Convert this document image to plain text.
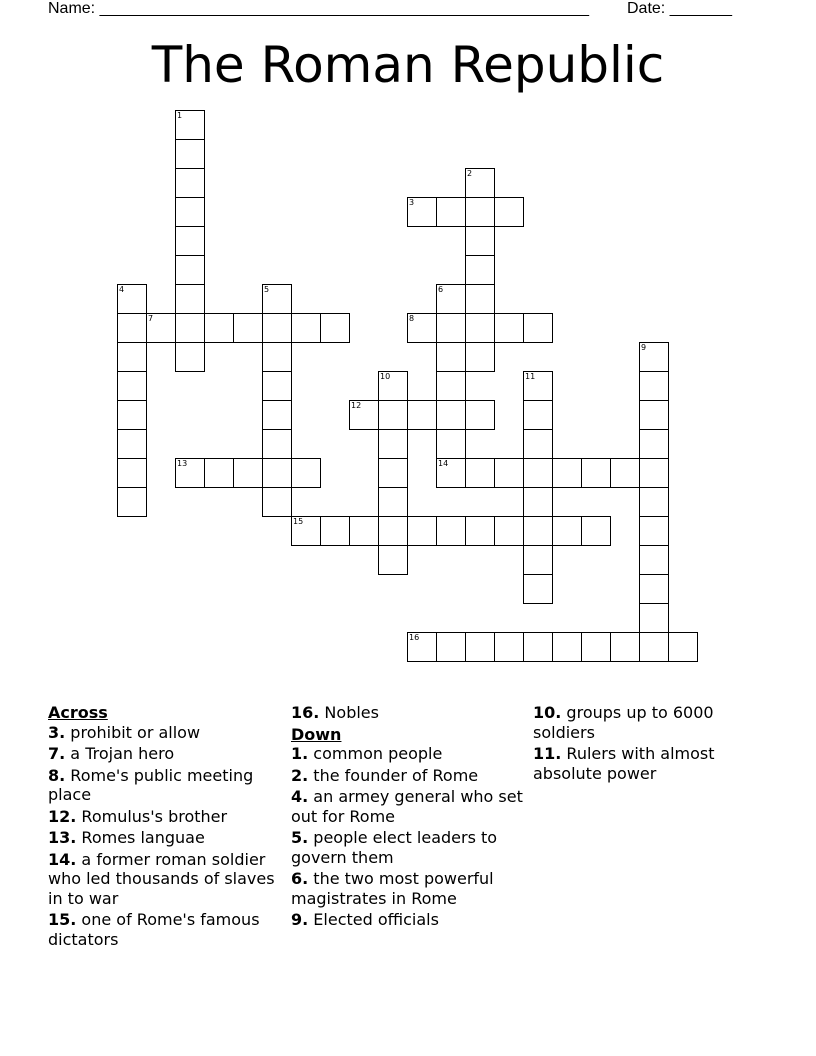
Name: _______________________________________________________ Date: _______
The Roman Republic
1
2
3
4	5	6
14
7	8
9
10	11
12
13
15
16
Across
3. prohibit or allow
7. a Trojan hero
8. Rome's public meeting place
12. Romulus's brother
13. Romes languae
14. a former roman soldier who led thousands of slaves in to war
15. one of Rome's famous dictators
16. Nobles
Down
1. common people
2. the founder of Rome
4. an armey general who set out for Rome
5. people elect leaders to govern them
6. the two most powerful magistrates in Rome
9. Elected officials
10. groups up to 6000 soldiers
11. Rulers with almost absolute power
